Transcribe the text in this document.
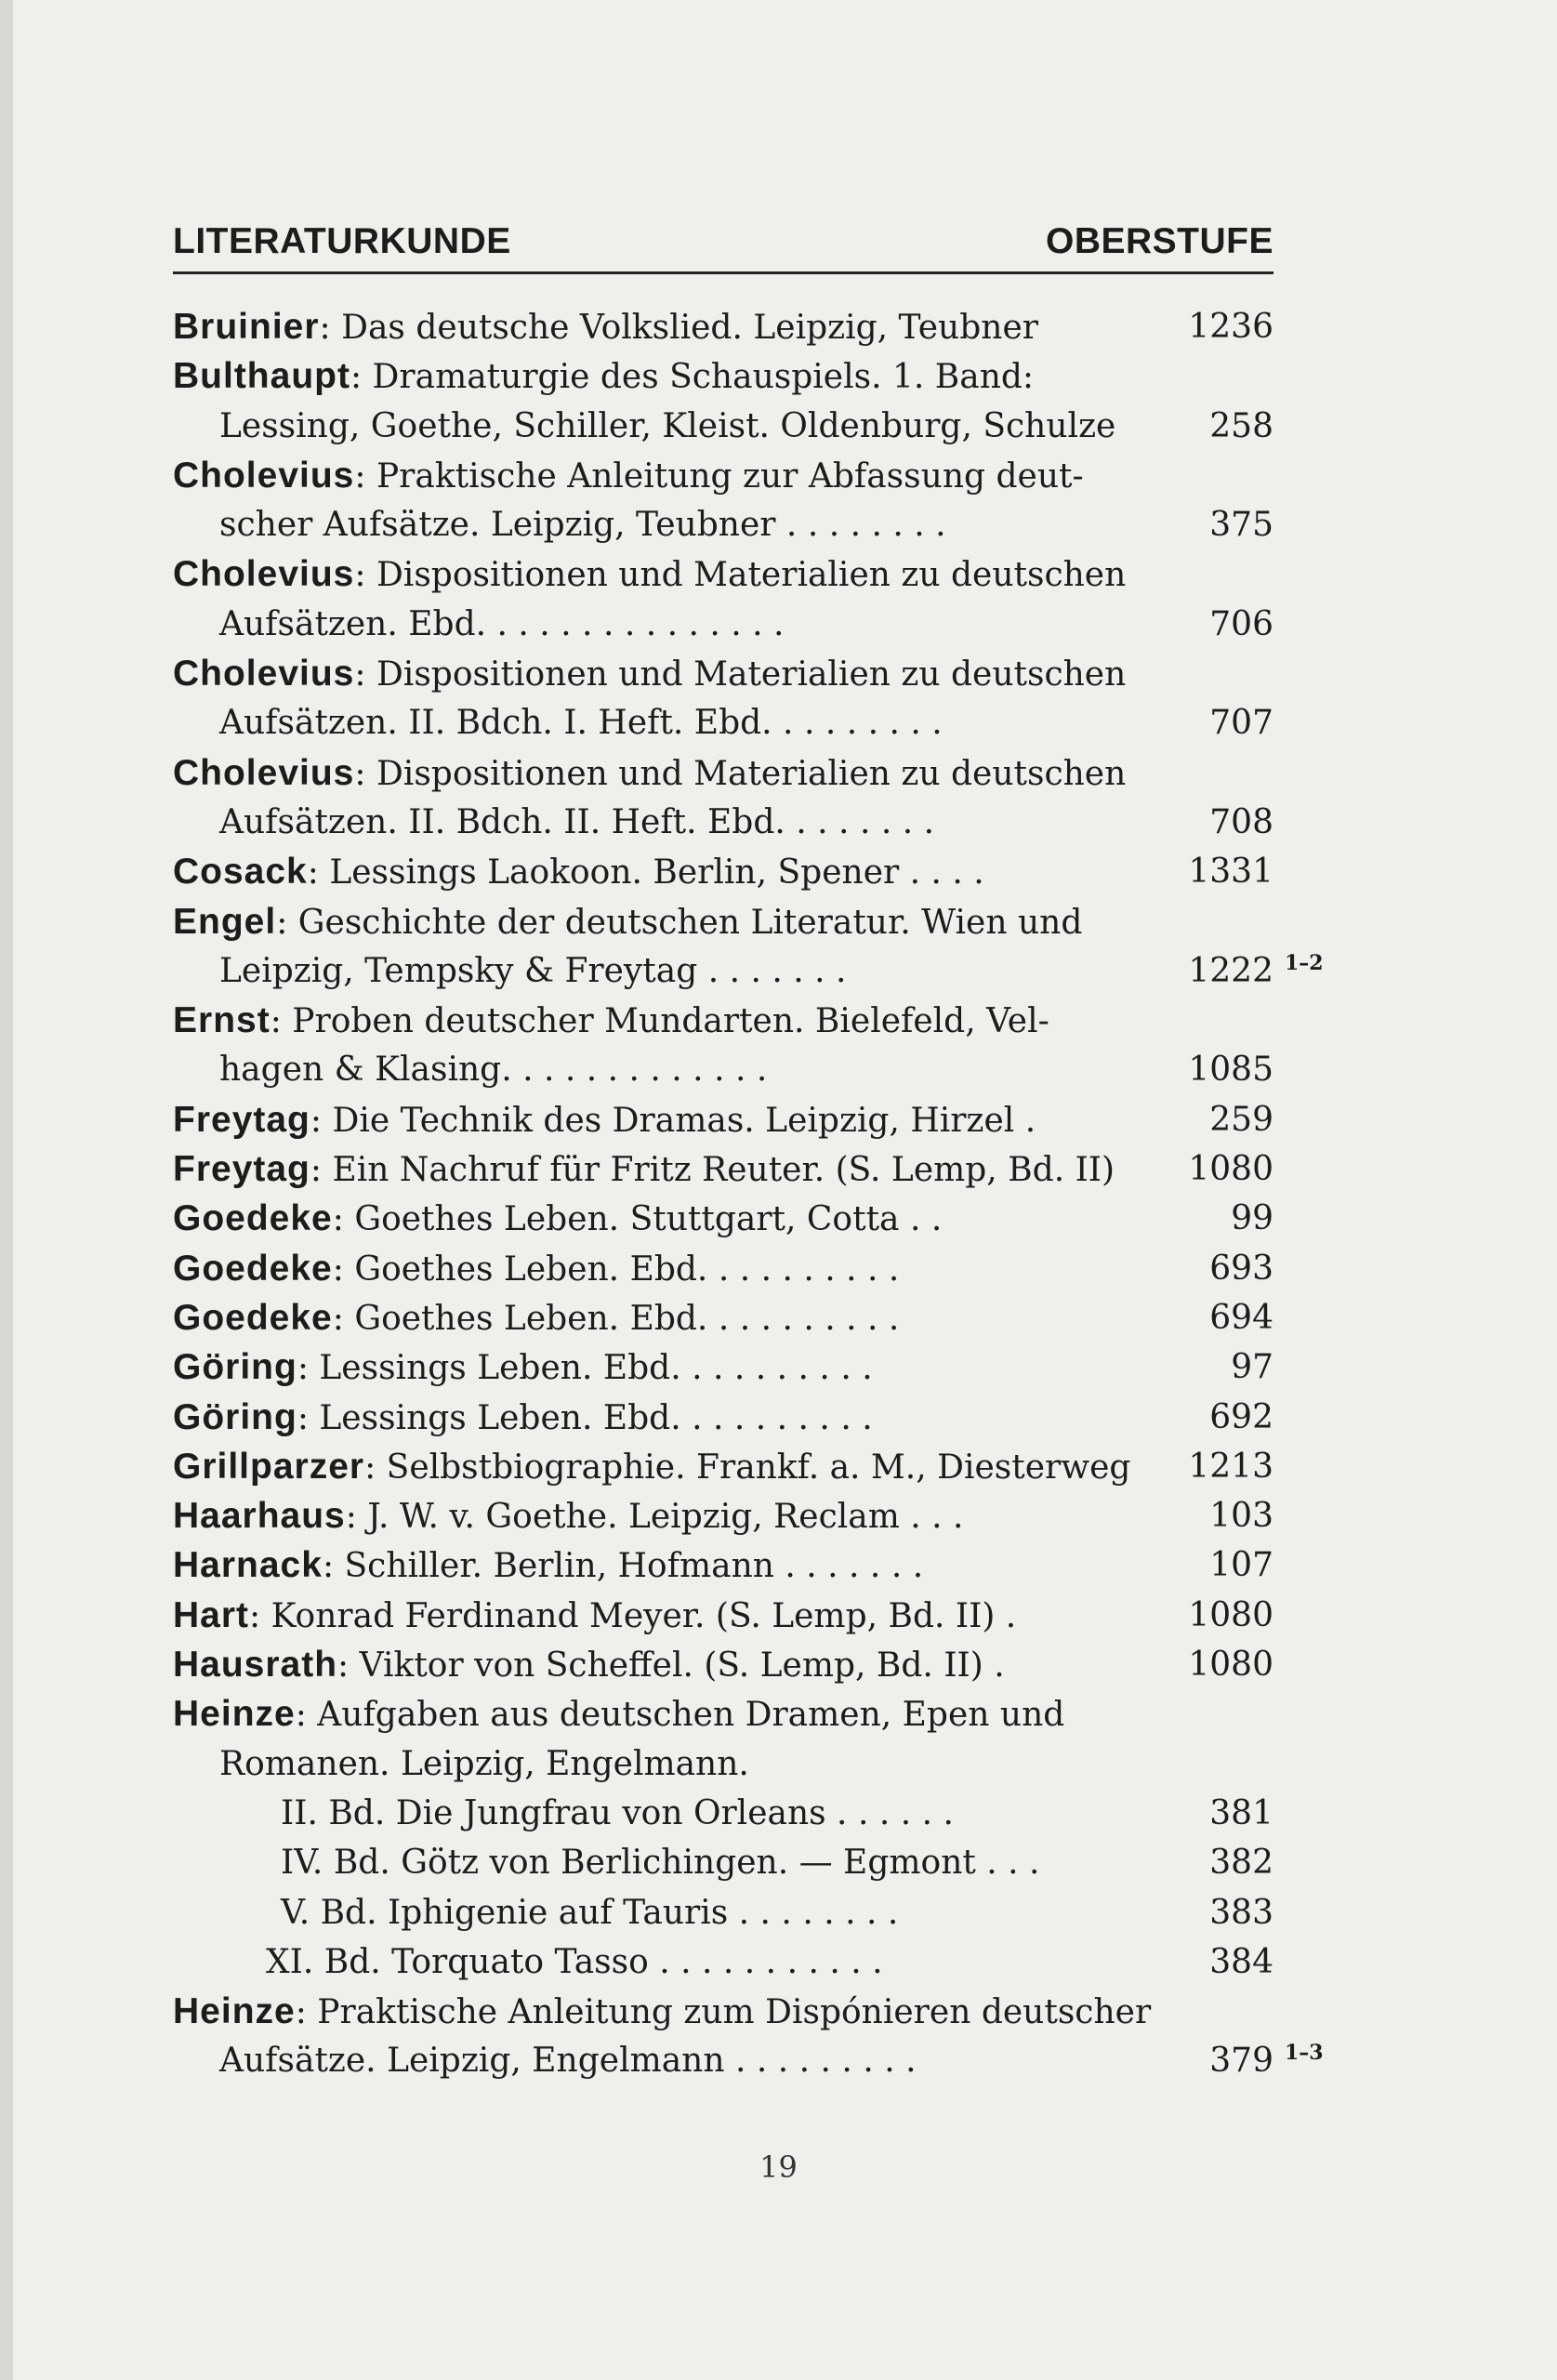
LITERATURKUNDE	OBERSTUFE
Bruinier: Das deutsche Volkslied. Leipzig, Teubner	1236
Bulthaupt: Dramaturgie des Schauspiels. 1. Band:
Lessing, Goethe, Schiller, Kleist. Oldenburg, Schulze	258
Cholevius: Praktische Anleitung zur Abfassung deut-
scher Aufsätze. Leipzig, Teubner . . . . . . . .	375
Cholevius: Dispositionen und Materialien zu deutschen
Aufsätzen. Ebd. . . . . . . . . . . . . . .	706
Cholevius: Dispositionen und Materialien zu deutschen
Aufsätzen. II. Bdch. I. Heft. Ebd. . . . . . . . .	707
Cholevius: Dispositionen und Materialien zu deutschen
Aufsätzen. II. Bdch. II. Heft. Ebd. . . . . . . .	708
Cosack: Lessings Laokoon. Berlin, Spener . . . .	1331
Engel: Geschichte der deutschen Literatur. Wien und
Leipzig, Tempsky & Freytag . . . . . . .	1222 1–2
Ernst: Proben deutscher Mundarten. Bielefeld, Vel-
hagen & Klasing. . . . . . . . . . . . .	1085
Freytag: Die Technik des Dramas. Leipzig, Hirzel .	259
Freytag: Ein Nachruf für Fritz Reuter. (S. Lemp, Bd. II) 1080
Goedeke: Goethes Leben. Stuttgart, Cotta . .	99
Goedeke: Goethes Leben. Ebd. . . . . . . . . .	693
Goedeke: Goethes Leben. Ebd. . . . . . . . . .	694
Göring: Lessings Leben. Ebd. . . . . . . . . .	97
Göring: Lessings Leben. Ebd. . . . . . . . . .	692
Grillparzer: Selbstbiographie. Frankf. a. M., Diesterweg 1213
Haarhaus: J. W. v. Goethe. Leipzig, Reclam . . .	103
Harnack: Schiller. Berlin, Hofmann . . . . . . .	107
Hart: Konrad Ferdinand Meyer. (S. Lemp, Bd. II) .	1080
Hausrath: Viktor von Scheffel. (S. Lemp, Bd. II) .	1080
Heinze: Aufgaben aus deutschen Dramen, Epen und
Romanen. Leipzig, Engelmann.
II. Bd. Die Jungfrau von Orleans . . . . . .	381
IV. Bd. Götz von Berlichingen. — Egmont . . .	382
V. Bd. Iphigenie auf Tauris . . . . . . . .	383
XI. Bd. Torquato Tasso . . . . . . . . . . .	384
Heinze: Praktische Anleitung zum Dispónieren deutscher
Aufsätze. Leipzig, Engelmann . . . . . . . . .	379 1–3
19
